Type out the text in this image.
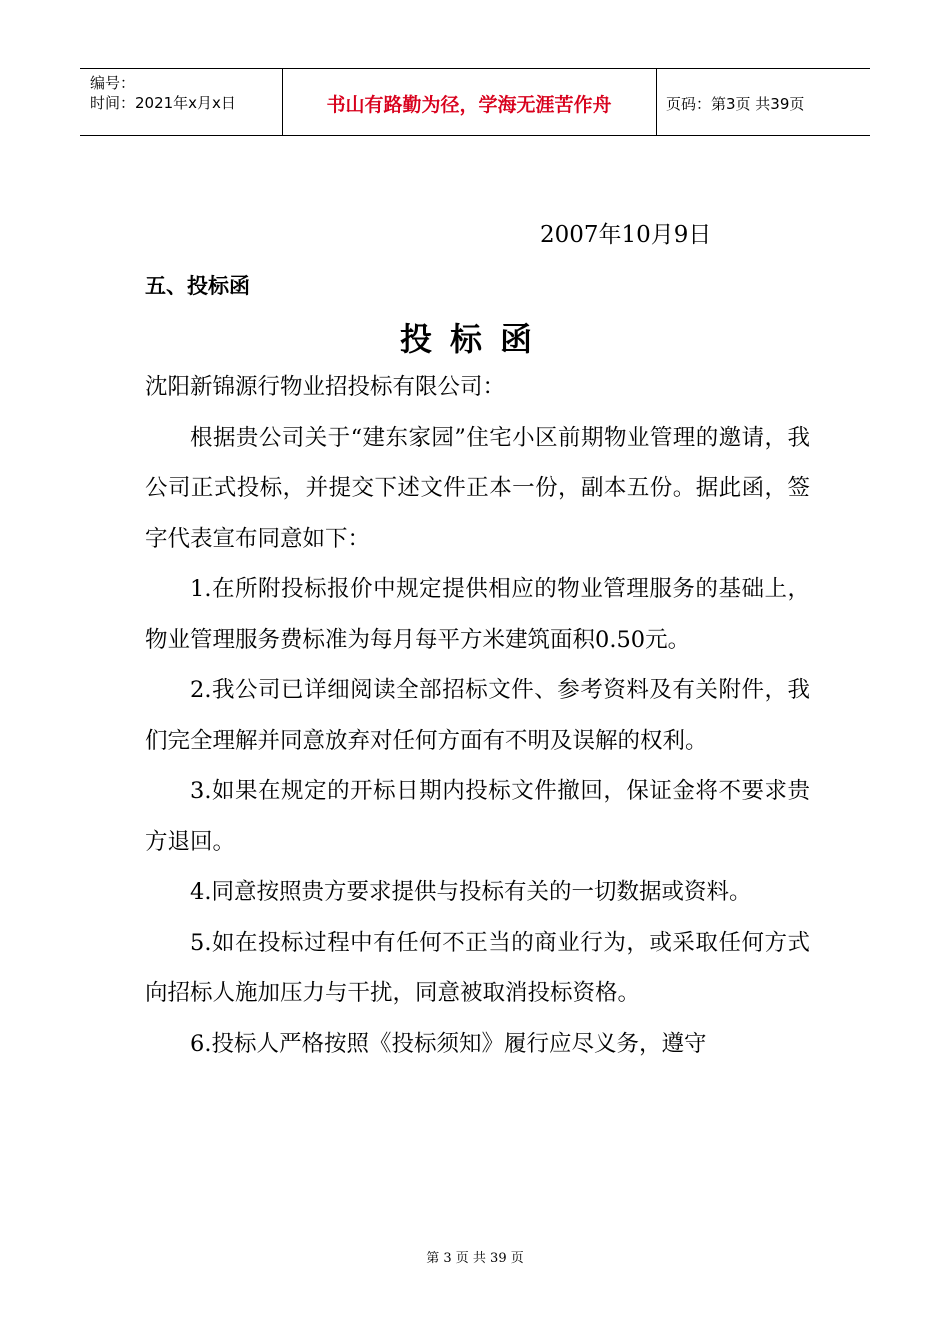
编号：
时间：2021年x月x日	书山有路勤为径，学海无涯苦作舟	页码：第3页 共39页
2007年10月9日
五、投标函
投标函

沈阳新锦源行物业招投标有限公司：

根据贵公司关于“建东家园”住宅小区前期物业管理的邀请，我公司正式投标，并提交下述文件正本一份，副本五份。据此函，签字代表宣布同意如下：

1.在所附投标报价中规定提供相应的物业管理服务的基础上，物业管理服务费标准为每月每平方米建筑面积0.50元。

2.我公司已详细阅读全部招标文件、参考资料及有关附件，我们完全理解并同意放弃对任何方面有不明及误解的权利。

3.如果在规定的开标日期内投标文件撤回，保证金将不要求贵方退回。

4.同意按照贵方要求提供与投标有关的一切数据或资料。

5.如在投标过程中有任何不正当的商业行为，或采取任何方式向招标人施加压力与干扰，同意被取消投标资格。

6.投标人严格按照《投标须知》履行应尽义务，遵守

第 3 页 共 39 页
